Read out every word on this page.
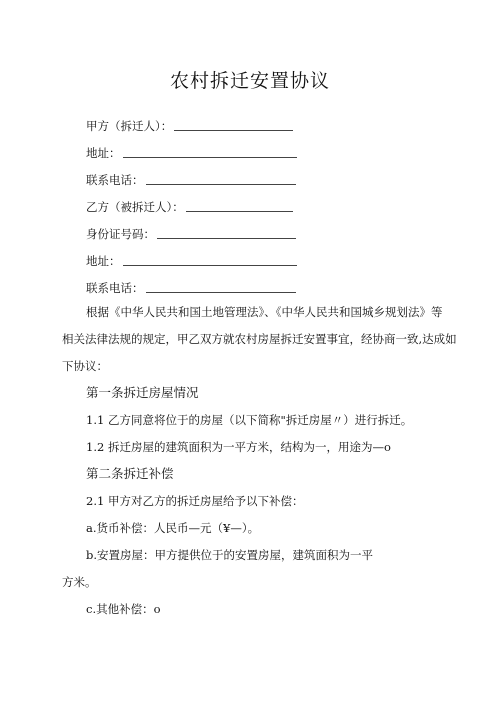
农村拆迁安置协议
甲方（拆迁人）：
地址：
联系电话：
乙方（被拆迁人）：
身份证号码：
地址：
联系电话：
根据《中华人民共和国土地管理法》、《中华人民共和国城乡规划法》等
相关法律法规的规定，甲乙双方就农村房屋拆迁安置事宜，经协商一致,达成如
下协议：
第一条拆迁房屋情况
1.1 乙方同意将位于的房屋（以下简称"拆迁房屋〃）进行拆迁。
1.2 拆迁房屋的建筑面积为一平方米，结构为一，用途为—o
第二条拆迁补偿
2.1 甲方对乙方的拆迁房屋给予以下补偿：
a.货币补偿：人民币—元（¥—）。
b.安置房屋：甲方提供位于的安置房屋，建筑面积为一平
方米。
c.其他补偿：o
